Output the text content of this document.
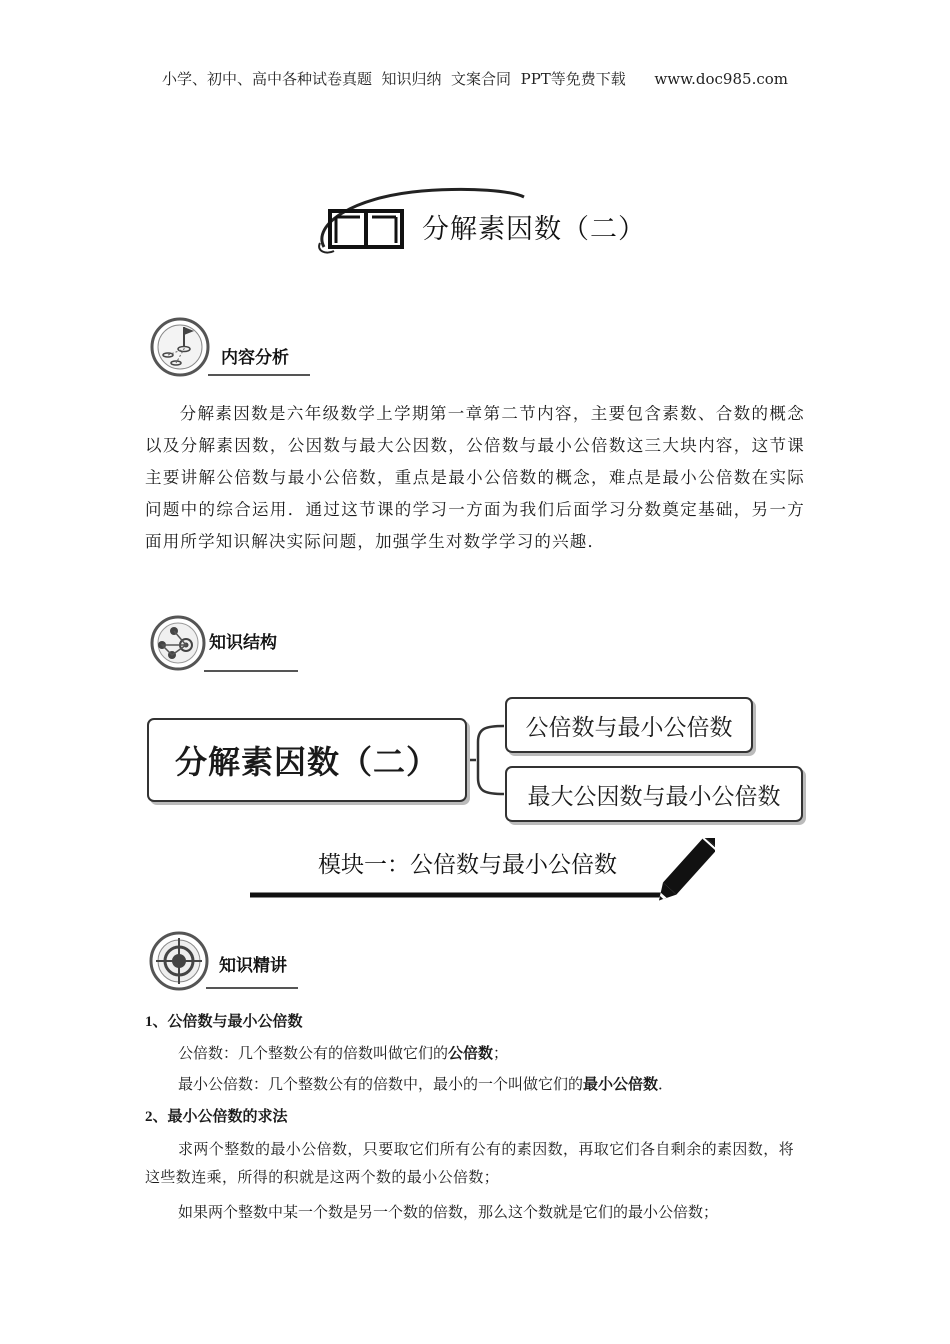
小学、初中、高中各种试卷真题  知识归纳  文案合同  PPT等免费下载      www.doc985.com
分解素因数（二）
内容分析
分解素因数是六年级数学上学期第一章第二节内容，主要包含素数、合数的概念以及分解素因数，公因数与最大公因数，公倍数与最小公倍数这三大块内容，这节课主要讲解公倍数与最小公倍数，重点是最小公倍数的概念，难点是最小公倍数在实际问题中的综合运用．通过这节课的学习一方面为我们后面学习分数奠定基础，另一方面用所学知识解决实际问题，加强学生对数学学习的兴趣．
知识结构
分解素因数（二）
公倍数与最小公倍数
最大公因数与最小公倍数
模块一：公倍数与最小公倍数
知识精讲
1、公倍数与最小公倍数
公倍数：几个整数公有的倍数叫做它们的公倍数；
最小公倍数：几个整数公有的倍数中，最小的一个叫做它们的最小公倍数．
2、最小公倍数的求法
求两个整数的最小公倍数，只要取它们所有公有的素因数，再取它们各自剩余的素因数，将这些数连乘，所得的积就是这两个数的最小公倍数；
如果两个整数中某一个数是另一个数的倍数，那么这个数就是它们的最小公倍数；
